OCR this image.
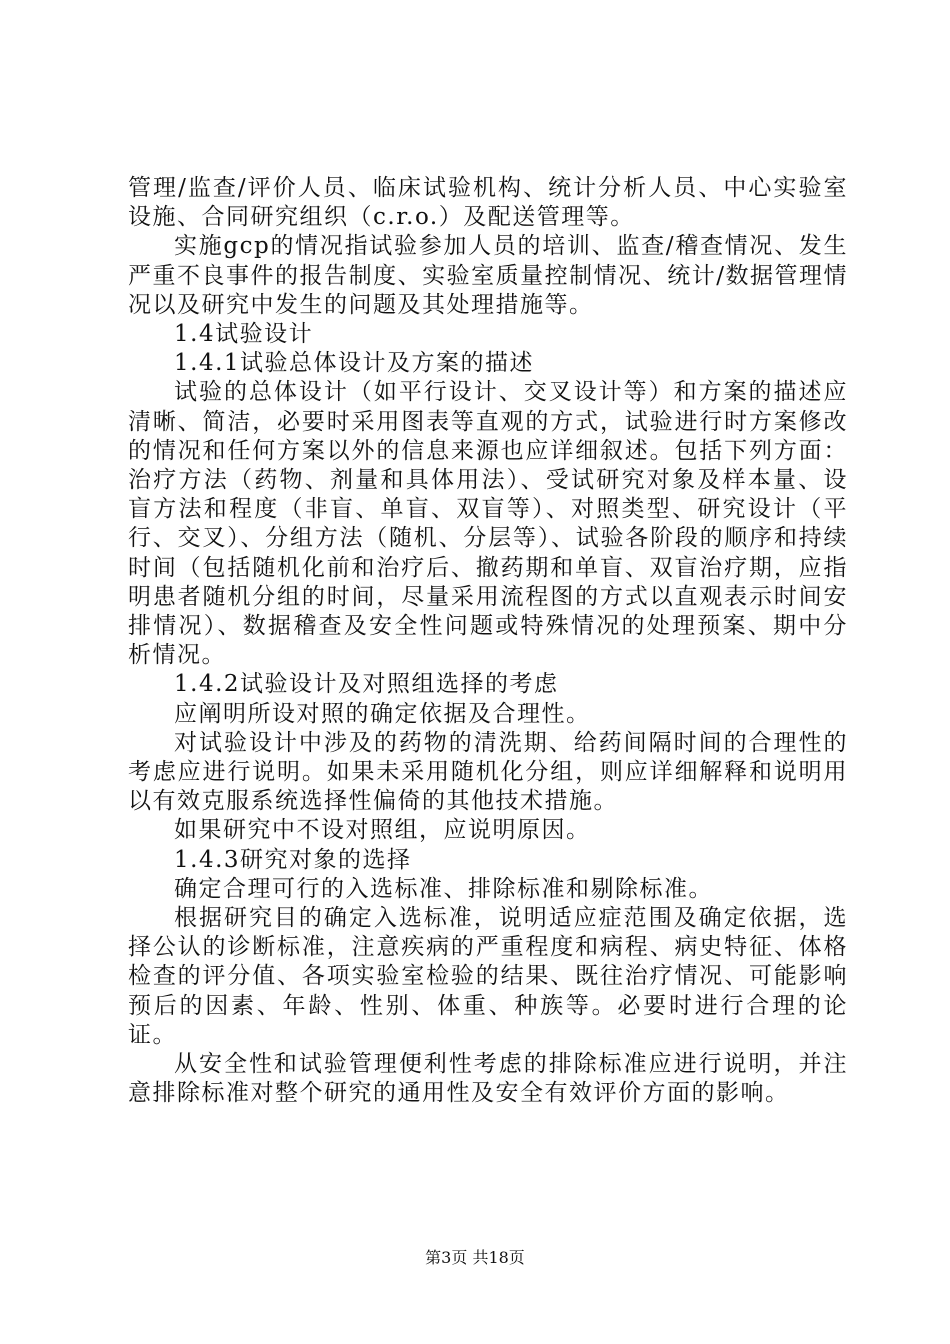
管理/监查/评价人员、临床试验机构、统计分析人员、中心实验室设施、合同研究组织（c.r.o.）及配送管理等。

实施gcp的情况指试验参加人员的培训、监查/稽查情况、发生严重不良事件的报告制度、实验室质量控制情况、统计/数据管理情况以及研究中发生的问题及其处理措施等。

1.4试验设计

1.4.1试验总体设计及方案的描述

试验的总体设计（如平行设计、交叉设计等）和方案的描述应清晰、简洁，必要时采用图表等直观的方式，试验进行时方案修改的情况和任何方案以外的信息来源也应详细叙述。包括下列方面：治疗方法（药物、剂量和具体用法）、受试研究对象及样本量、设盲方法和程度（非盲、单盲、双盲等）、对照类型、研究设计（平行、交叉）、分组方法（随机、分层等）、试验各阶段的顺序和持续时间（包括随机化前和治疗后、撤药期和单盲、双盲治疗期，应指明患者随机分组的时间，尽量采用流程图的方式以直观表示时间安排情况）、数据稽查及安全性问题或特殊情况的处理预案、期中分析情况。

1.4.2试验设计及对照组选择的考虑

应阐明所设对照的确定依据及合理性。

对试验设计中涉及的药物的清洗期、给药间隔时间的合理性的考虑应进行说明。如果未采用随机化分组，则应详细解释和说明用以有效克服系统选择性偏倚的其他技术措施。

如果研究中不设对照组，应说明原因。

1.4.3研究对象的选择

确定合理可行的入选标准、排除标准和剔除标准。

根据研究目的确定入选标准，说明适应症范围及确定依据，选择公认的诊断标准，注意疾病的严重程度和病程、病史特征、体格检查的评分值、各项实验室检验的结果、既往治疗情况、可能影响预后的因素、年龄、性别、体重、种族等。必要时进行合理的论证。

从安全性和试验管理便利性考虑的排除标准应进行说明，并注意排除标准对整个研究的通用性及安全有效评价方面的影响。

第3页 共18页
